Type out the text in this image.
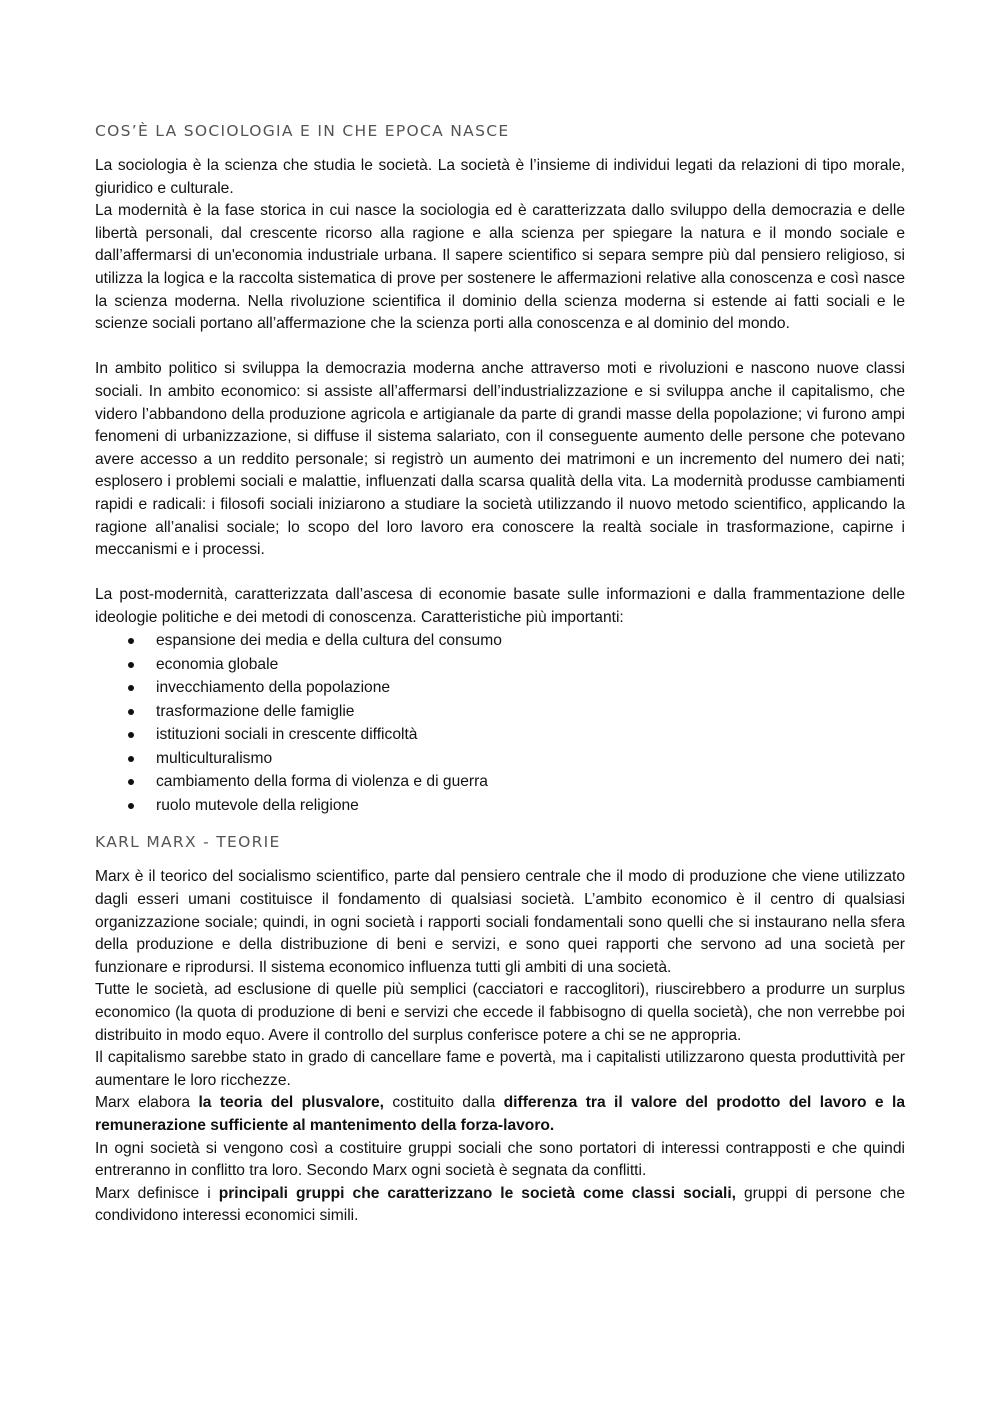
COS’È LA SOCIOLOGIA E IN CHE EPOCA NASCE

La sociologia è la scienza che studia le società. La società è l’insieme di individui legati da relazioni di tipo morale, giuridico e culturale.

La modernità è la fase storica in cui nasce la sociologia ed è caratterizzata dallo sviluppo della democrazia e delle libertà personali, dal crescente ricorso alla ragione e alla scienza per spiegare la natura e il mondo sociale e dall’affermarsi di un'economia industriale urbana. Il sapere scientifico si separa sempre più dal pensiero religioso, si utilizza la logica e la raccolta sistematica di prove per sostenere le affermazioni relative alla conoscenza e così nasce la scienza moderna. Nella rivoluzione scientifica il dominio della scienza moderna si estende ai fatti sociali e le scienze sociali portano all’affermazione che la scienza porti alla conoscenza e al dominio del mondo.

In ambito politico si sviluppa la democrazia moderna anche attraverso moti e rivoluzioni e nascono nuove classi sociali. In ambito economico: si assiste all’affermarsi dell’industrializzazione e si sviluppa anche il capitalismo, che videro l’abbandono della produzione agricola e artigianale da parte di grandi masse della popolazione; vi furono ampi fenomeni di urbanizzazione, si diffuse il sistema salariato, con il conseguente aumento delle persone che potevano avere accesso a un reddito personale; si registrò un aumento dei matrimoni e un incremento del numero dei nati; esplosero i problemi sociali e malattie, influenzati dalla scarsa qualità della vita. La modernità produsse cambiamenti rapidi e radicali: i filosofi sociali iniziarono a studiare la società utilizzando il nuovo metodo scientifico, applicando la ragione all’analisi sociale; lo scopo del loro lavoro era conoscere la realtà sociale in trasformazione, capirne i meccanismi e i processi.

La post-modernità, caratterizzata dall’ascesa di economie basate sulle informazioni e dalla frammentazione delle ideologie politiche e dei metodi di conoscenza. Caratteristiche più importanti:

espansione dei media e della cultura del consumo
economia globale
invecchiamento della popolazione
trasformazione delle famiglie
istituzioni sociali in crescente difficoltà
multiculturalismo
cambiamento della forma di violenza e di guerra
ruolo mutevole della religione
KARL MARX - TEORIE

Marx è il teorico del socialismo scientifico, parte dal pensiero centrale che il modo di produzione che viene utilizzato dagli esseri umani costituisce il fondamento di qualsiasi società. L’ambito economico è il centro di qualsiasi organizzazione sociale; quindi, in ogni società i rapporti sociali fondamentali sono quelli che si instaurano nella sfera della produzione e della distribuzione di beni e servizi, e sono quei rapporti che servono ad una società per funzionare e riprodursi. Il sistema economico influenza tutti gli ambiti di una società.

Tutte le società, ad esclusione di quelle più semplici (cacciatori e raccoglitori), riuscirebbero a produrre un surplus economico (la quota di produzione di beni e servizi che eccede il fabbisogno di quella società), che non verrebbe poi distribuito in modo equo. Avere il controllo del surplus conferisce potere a chi se ne appropria.

Il capitalismo sarebbe stato in grado di cancellare fame e povertà, ma i capitalisti utilizzarono questa produttività per aumentare le loro ricchezze.

Marx elabora la teoria del plusvalore, costituito dalla differenza tra il valore del prodotto del lavoro e la remunerazione sufficiente al mantenimento della forza-lavoro.

In ogni società si vengono così a costituire gruppi sociali che sono portatori di interessi contrapposti e che quindi entreranno in conflitto tra loro. Secondo Marx ogni società è segnata da conflitti.

Marx definisce i principali gruppi che caratterizzano le società come classi sociali, gruppi di persone che condividono interessi economici simili.
